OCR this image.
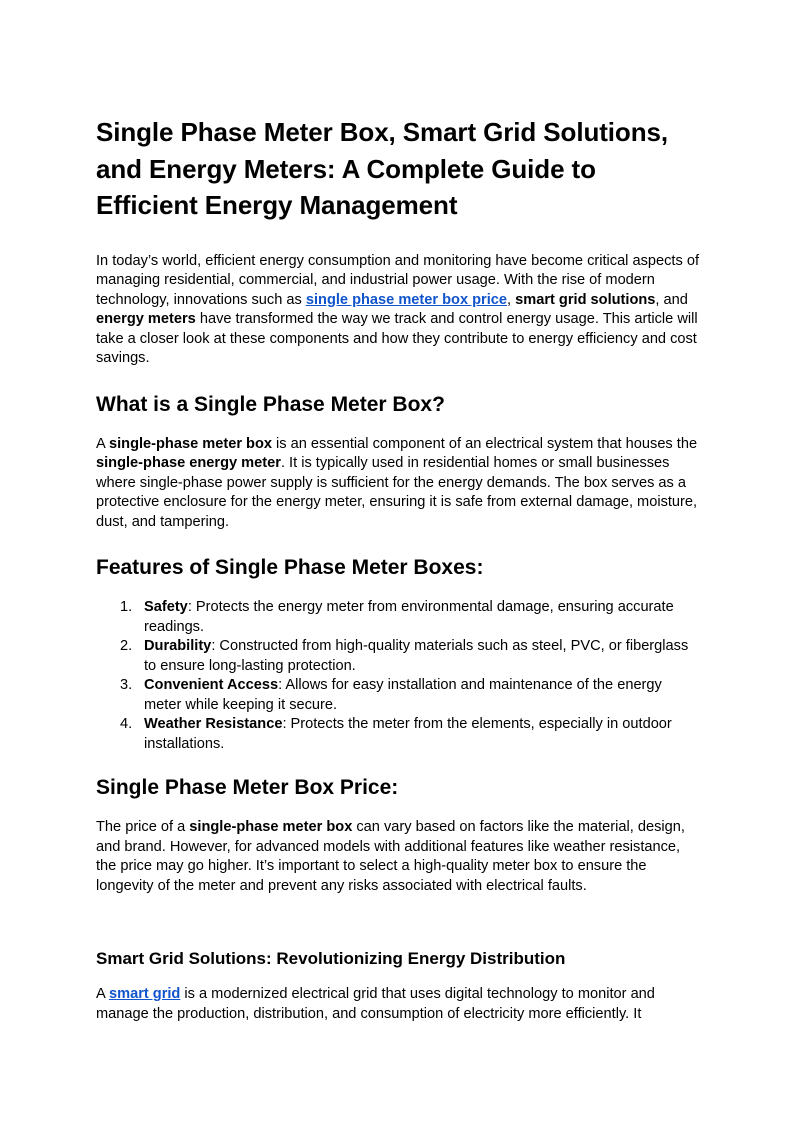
Single Phase Meter Box, Smart Grid Solutions, and Energy Meters: A Complete Guide to Efficient Energy Management

In today’s world, efficient energy consumption and monitoring have become critical aspects of managing residential, commercial, and industrial power usage. With the rise of modern technology, innovations such as single phase meter box price, smart grid solutions, and energy meters have transformed the way we track and control energy usage. This article will take a closer look at these components and how they contribute to energy efficiency and cost savings.

What is a Single Phase Meter Box?

A single-phase meter box is an essential component of an electrical system that houses the single-phase energy meter. It is typically used in residential homes or small businesses where single-phase power supply is sufficient for the energy demands. The box serves as a protective enclosure for the energy meter, ensuring it is safe from external damage, moisture, dust, and tampering.

Features of Single Phase Meter Boxes:
1. Safety: Protects the energy meter from environmental damage, ensuring accurate readings.
2. Durability: Constructed from high-quality materials such as steel, PVC, or fiberglass to ensure long-lasting protection.
3. Convenient Access: Allows for easy installation and maintenance of the energy meter while keeping it secure.
4. Weather Resistance: Protects the meter from the elements, especially in outdoor installations.
Single Phase Meter Box Price:

The price of a single-phase meter box can vary based on factors like the material, design, and brand. However, for advanced models with additional features like weather resistance, the price may go higher. It’s important to select a high-quality meter box to ensure the longevity of the meter and prevent any risks associated with electrical faults.

Smart Grid Solutions: Revolutionizing Energy Distribution

A smart grid is a modernized electrical grid that uses digital technology to monitor and manage the production, distribution, and consumption of electricity more efficiently. It
